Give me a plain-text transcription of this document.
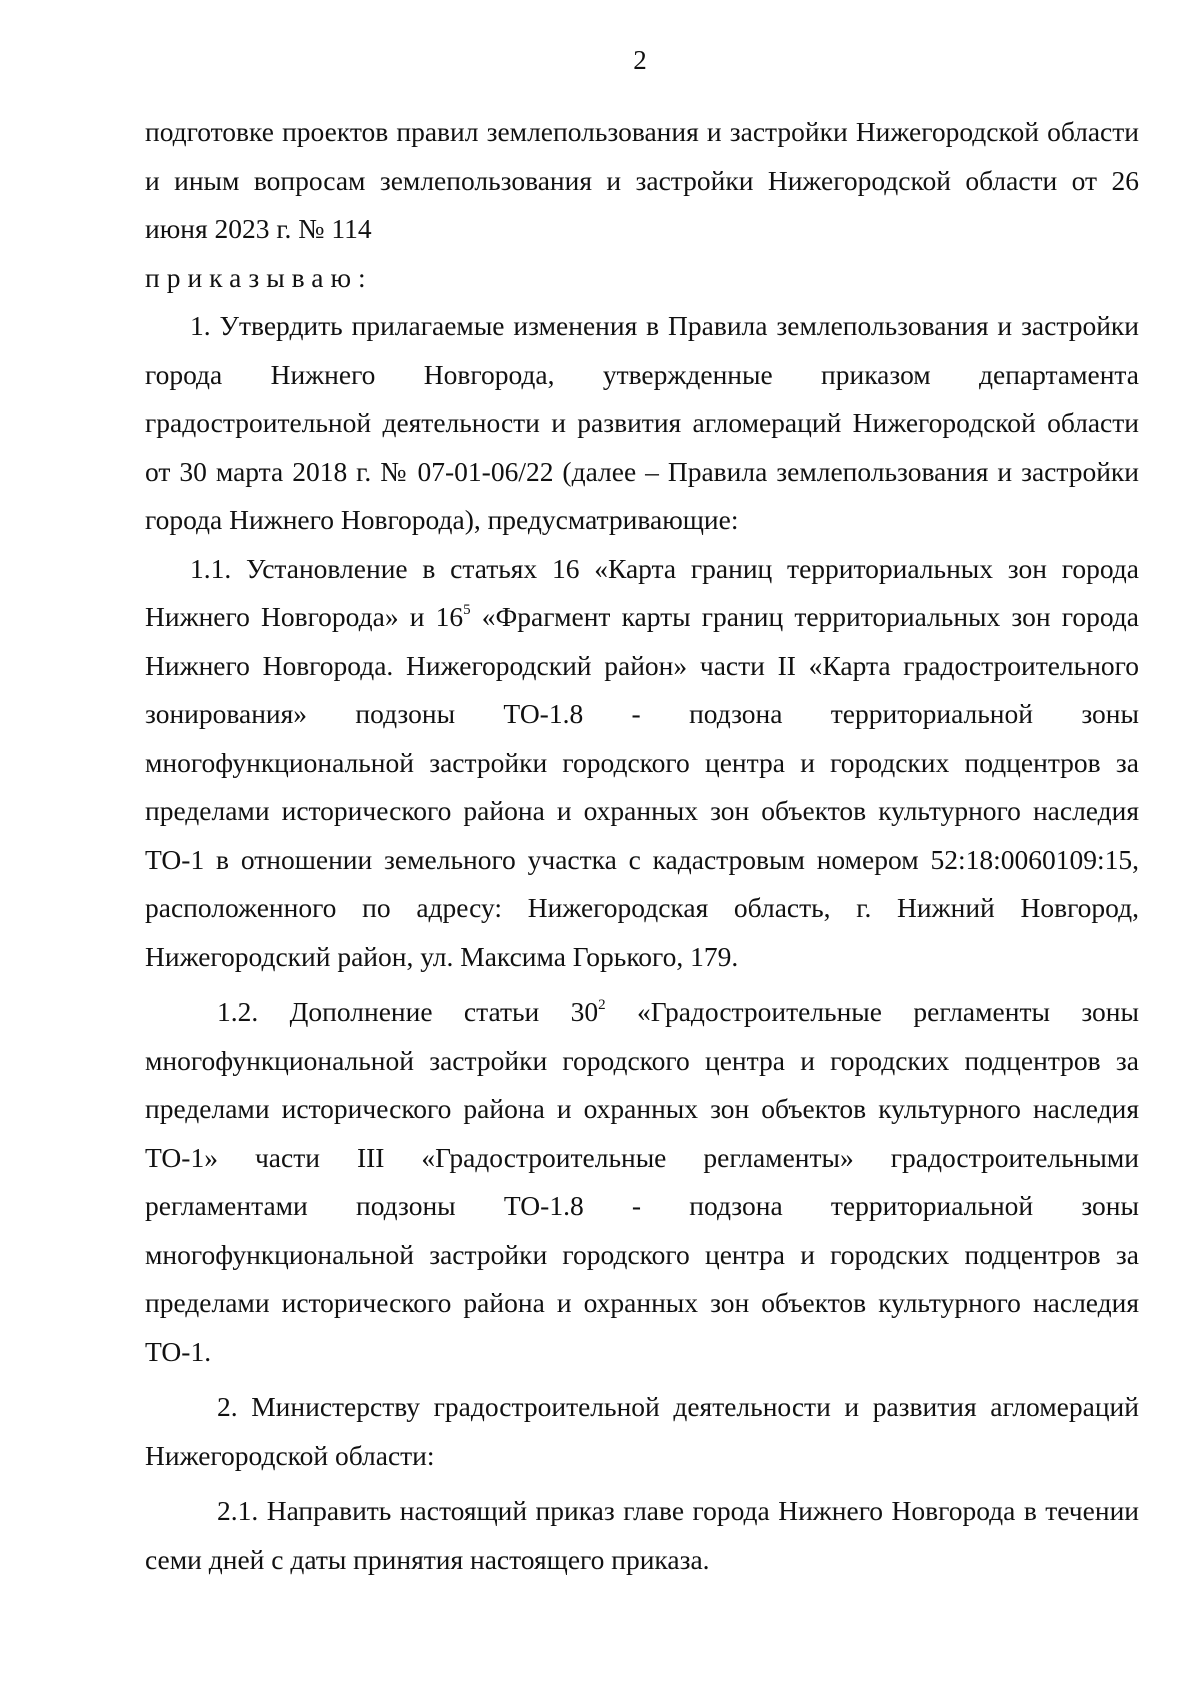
2

подготовке проектов правил землепользования и застройки Нижегородской области и иным вопросам землепользования и застройки Нижегородской области от 26 июня 2023 г. № 114

приказываю:

1. Утвердить прилагаемые изменения в Правила землепользования и застройки города Нижнего Новгорода, утвержденные приказом департамента градостроительной деятельности и развития агломераций Нижегородской области от 30 марта 2018 г. № 07-01-06/22 (далее – Правила землепользования и застройки города Нижнего Новгорода), предусматривающие:

1.1. Установление в статьях 16 «Карта границ территориальных зон города Нижнего Новгорода» и $16^5$ «Фрагмент карты границ территориальных зон города Нижнего Новгорода. Нижегородский район» части II «Карта градостроительного зонирования» подзоны ТО-1.8 - подзона территориальной зоны многофункциональной застройки городского центра и городских подцентров за пределами исторического района и охранных зон объектов культурного наследия ТО-1 в отношении земельного участка с кадастровым номером 52:18:0060109:15, расположенного по адресу: Нижегородская область, г. Нижний Новгород, Нижегородский район, ул. Максима Горького, 179.

1.2. Дополнение статьи $30^2$ «Градостроительные регламенты зоны многофункциональной застройки городского центра и городских подцентров за пределами исторического района и охранных зон объектов культурного наследия ТО-1» части III «Градостроительные регламенты» градостроительными регламентами подзоны ТО-1.8 - подзона территориальной зоны многофункциональной застройки городского центра и городских подцентров за пределами исторического района и охранных зон объектов культурного наследия ТО-1.

2. Министерству градостроительной деятельности и развития агломераций Нижегородской области:

2.1. Направить настоящий приказ главе города Нижнего Новгорода в течении семи дней с даты принятия настоящего приказа.
